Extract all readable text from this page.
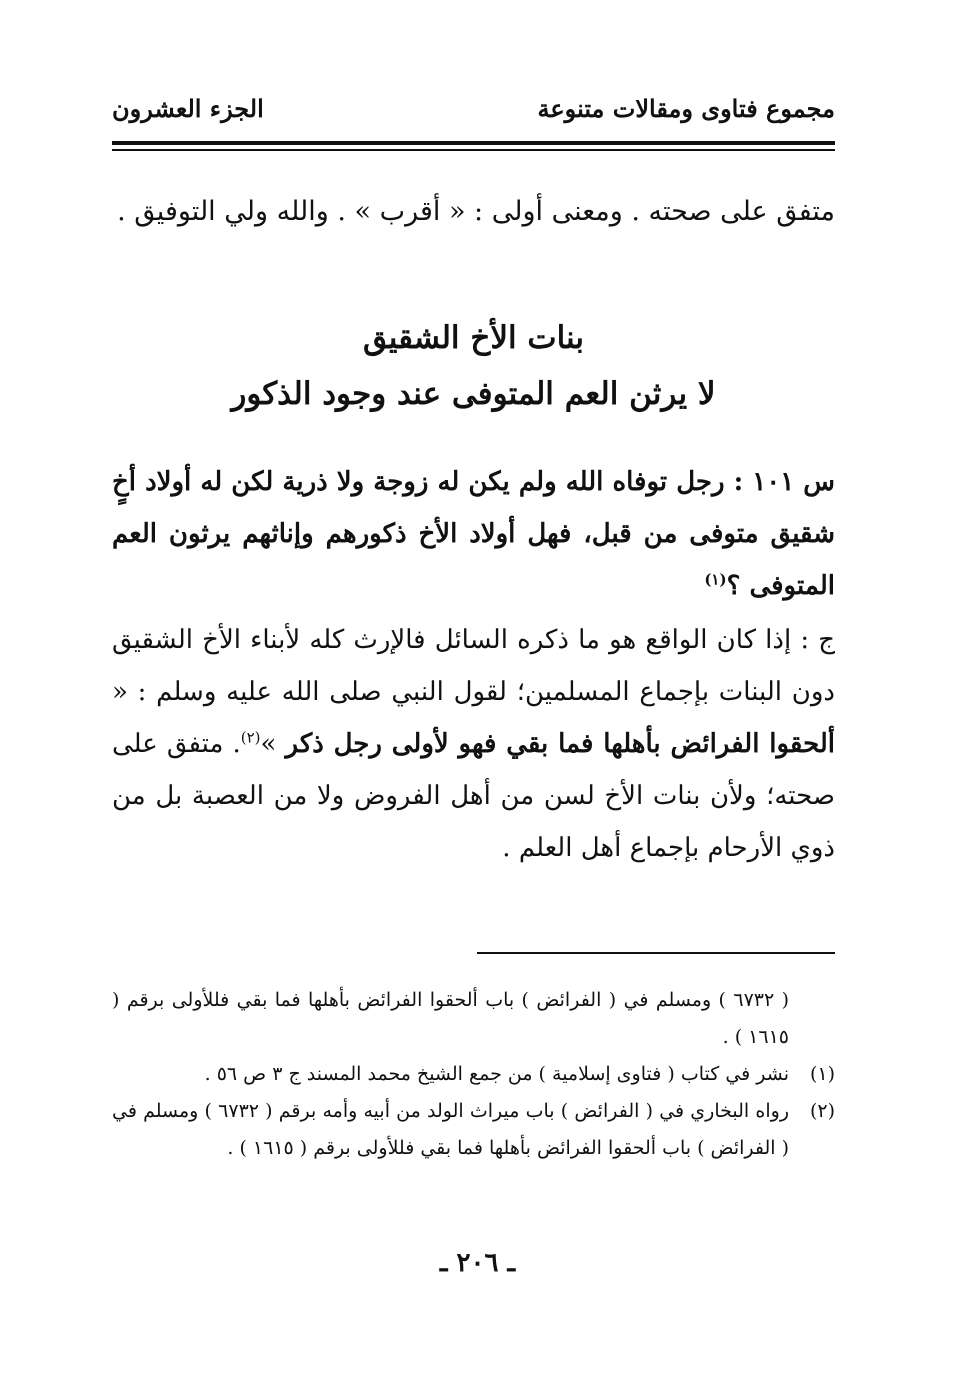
مجموع فتاوى ومقالات متنوعة
الجزء العشرون
متفق على صحته . ومعنى أولى : « أقرب » . والله ولي التوفيق .
بنات الأخ الشقيق
لا يرثن العم المتوفى عند وجود الذكور
س ١٠١ : رجل توفاه الله ولم يكن له زوجة ولا ذرية لكن له أولاد أخٍ شقيق متوفى من قبل، فهل أولاد الأخ ذكورهم وإناثهم يرثون العم المتوفى ؟$^{(١)}$
ج : إذا كان الواقع هو ما ذكره السائل فالإرث كله لأبناء الأخ الشقيق دون البنات بإجماع المسلمين؛ لقول النبي صلى الله عليه وسلم : « ألحقوا الفرائض بأهلها فما بقي فهو لأولى رجل ذكر »$^{(٢)}$. متفق على صحته؛ ولأن بنات الأخ لسن من أهل الفروض ولا من العصبة بل من ذوي الأرحام بإجماع أهل العلم .
( ٦٧٣٢ ) ومسلم في ( الفرائض ) باب ألحقوا الفرائض بأهلها فما بقي فللأولى برقم ( ١٦١٥ ) .
(١)
نشر في كتاب ( فتاوى إسلامية ) من جمع الشيخ محمد المسند ج ٣ ص ٥٦ .
(٢)
رواه البخاري في ( الفرائض ) باب ميراث الولد من أبيه وأمه برقم ( ٦٧٣٢ ) ومسلم في ( الفرائض ) باب ألحقوا الفرائض بأهلها فما بقي فللأولى برقم ( ١٦١٥ ) .
ـ ٢٠٦ ـ
